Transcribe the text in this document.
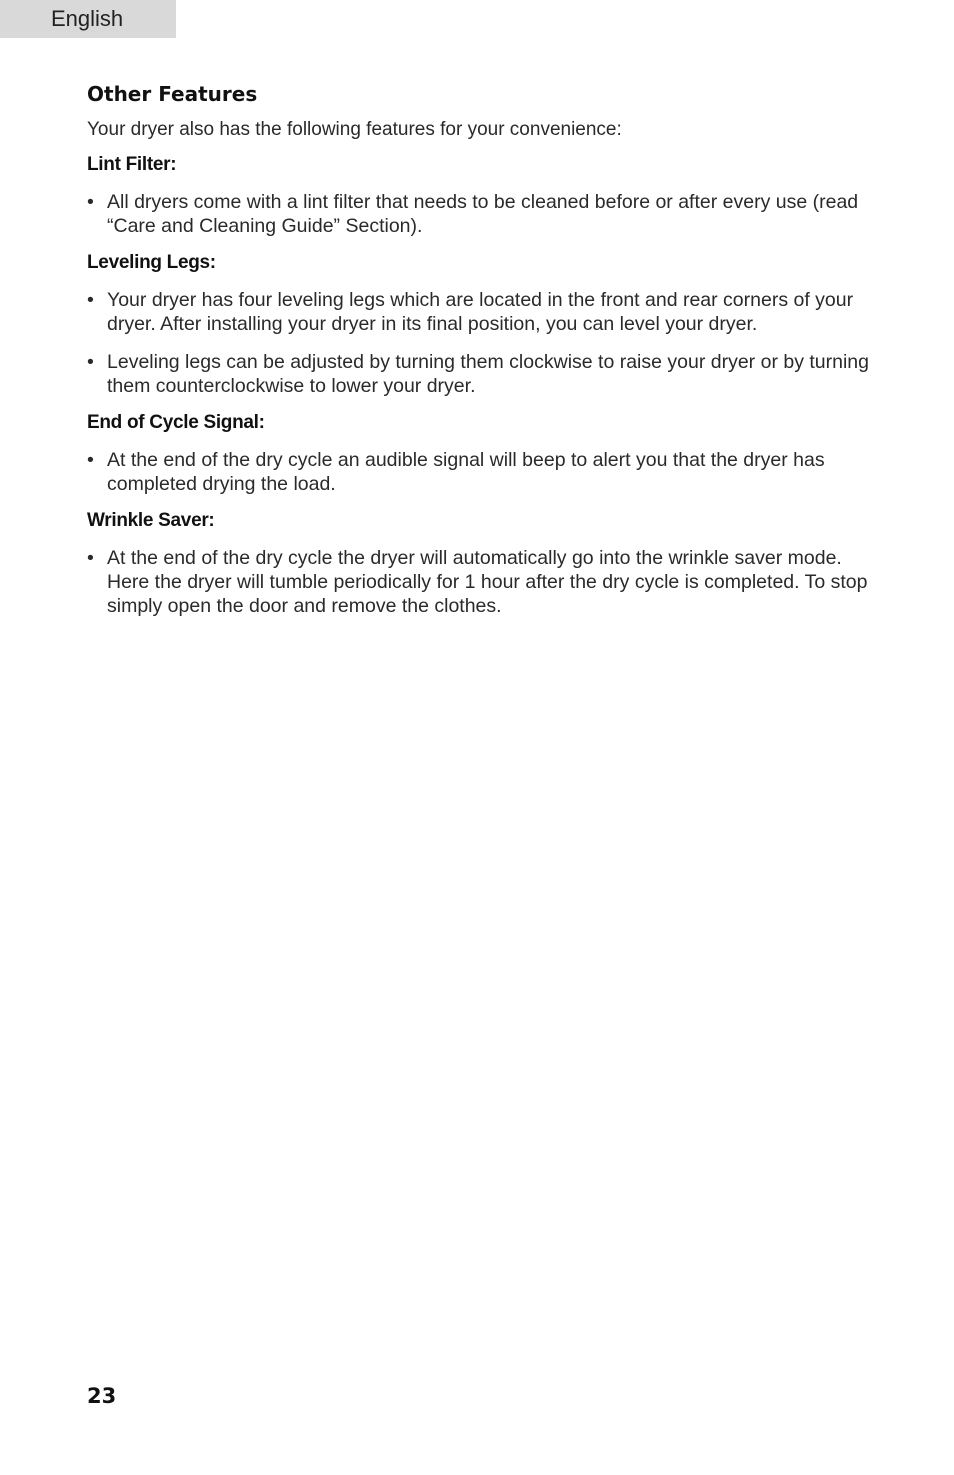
English
Other Features
Your dryer also has the following features for your convenience:
Lint Filter:
• All dryers come with a lint filter that needs to be cleaned before or after every use (read “Care and Cleaning Guide” Section).
Leveling Legs:
• Your dryer has four leveling legs which are located in the front and rear corners of your dryer. After installing your dryer in its final position, you can level your dryer.
• Leveling legs can be adjusted by turning them clockwise to raise your dryer or by turning them counterclockwise to lower your dryer.
End of Cycle Signal:
• At the end of the dry cycle an audible signal will beep to alert you that the dryer has completed drying the load.
Wrinkle Saver:
• At the end of the dry cycle the dryer will automatically go into the wrinkle saver mode. Here the dryer will tumble periodically for 1 hour after the dry cycle is completed. To stop simply open the door and remove the clothes.
23
